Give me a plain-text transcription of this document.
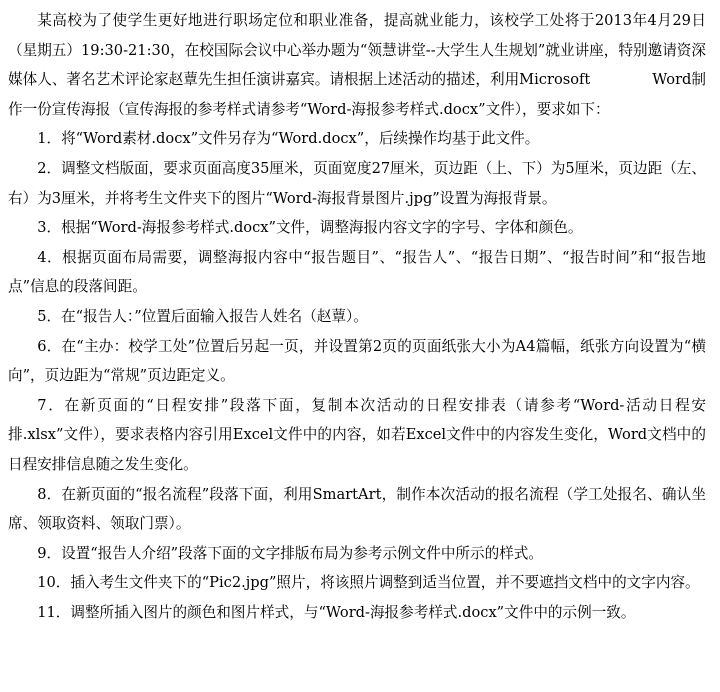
某高校为了使学生更好地进行职场定位和职业准备，提高就业能力，该校学工处将于2013年4月29日（星期五）19:30-21:30，在校国际会议中心举办题为“领慧讲堂--大学生人生规划”就业讲座，特别邀请资深媒体人、著名艺术评论家赵蕈先生担任演讲嘉宾。请根据上述活动的描述，利用Microsoft	Word制作一份宣传海报（宣传海报的参考样式请参考“Word-海报参考样式.docx”文件），要求如下：

1．将“Word素材.docx”文件另存为“Word.docx”，后续操作均基于此文件。

2．调整文档版面，要求页面高度35厘米，页面宽度27厘米，页边距（上、下）为5厘米，页边距（左、右）为3厘米，并将考生文件夹下的图片“Word-海报背景图片.jpg”设置为海报背景。

3．根据“Word-海报参考样式.docx”文件，调整海报内容文字的字号、字体和颜色。

4．根据页面布局需要，调整海报内容中“报告题目”、“报告人”、“报告日期”、“报告时间”和“报告地点”信息的段落间距。

5．在“报告人：”位置后面输入报告人姓名（赵蕈）。

6．在“主办：校学工处”位置后另起一页，并设置第2页的页面纸张大小为A4篇幅，纸张方向设置为“横向”，页边距为“常规”页边距定义。

7．在新页面的“日程安排”段落下面，复制本次活动的日程安排表（请参考“Word-活动日程安排.xlsx”文件），要求表格内容引用Excel文件中的内容，如若Excel文件中的内容发生变化，Word文档中的日程安排信息随之发生变化。

8．在新页面的“报名流程”段落下面，利用SmartArt，制作本次活动的报名流程（学工处报名、确认坐席、领取资料、领取门票）。

9．设置“报告人介绍”段落下面的文字排版布局为参考示例文件中所示的样式。

10．插入考生文件夹下的“Pic2.jpg”照片，将该照片调整到适当位置，并不要遮挡文档中的文字内容。

11．调整所插入图片的颜色和图片样式，与“Word-海报参考样式.docx”文件中的示例一致。
